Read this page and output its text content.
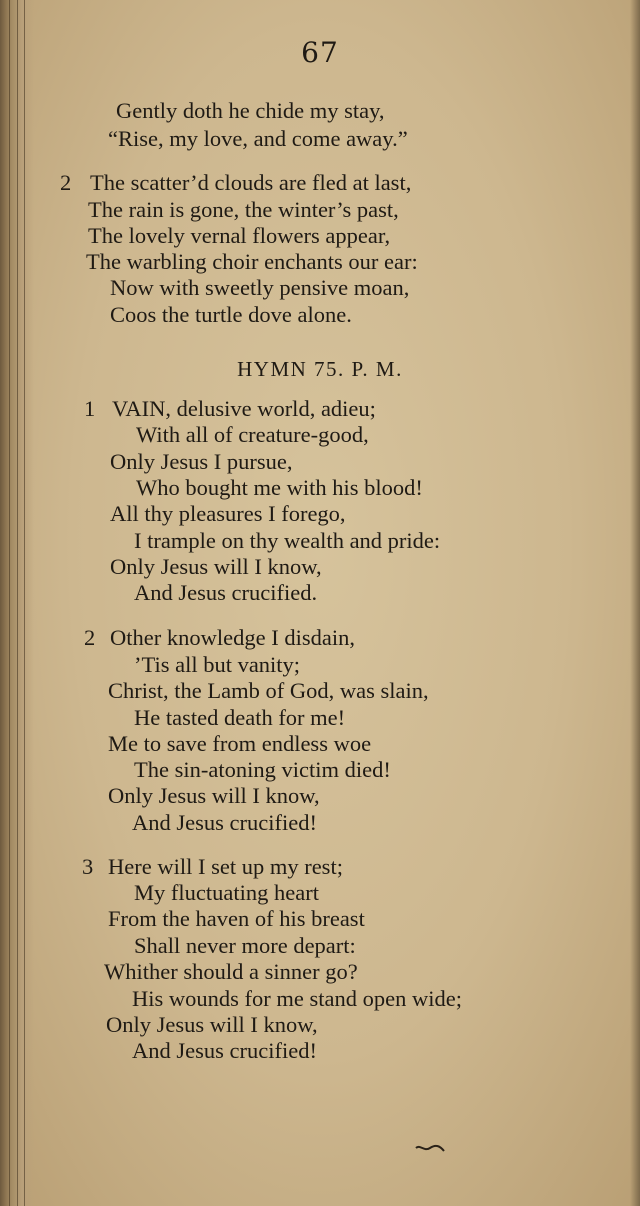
67
Gently doth he chide my stay,
“Rise, my love, and come away.”
2 The scatter’d clouds are fled at last,
The rain is gone, the winter’s past,
The lovely vernal flowers appear,
The warbling choir enchants our ear:
Now with sweetly pensive moan,
Coos the turtle dove alone.
HYMN 75. P. M.
1 VAIN, delusive world, adieu;
With all of creature-good,
Only Jesus I pursue,
Who bought me with his blood!
All thy pleasures I forego,
I trample on thy wealth and pride:
Only Jesus will I know,
And Jesus crucified.
2 Other knowledge I disdain,
’Tis all but vanity;
Christ, the Lamb of God, was slain,
He tasted death for me!
Me to save from endless woe
The sin-atoning victim died!
Only Jesus will I know,
And Jesus crucified!
3 Here will I set up my rest;
My fluctuating heart
From the haven of his breast
Shall never more depart:
Whither should a sinner go?
His wounds for me stand open wide;
Only Jesus will I know,
And Jesus crucified!
